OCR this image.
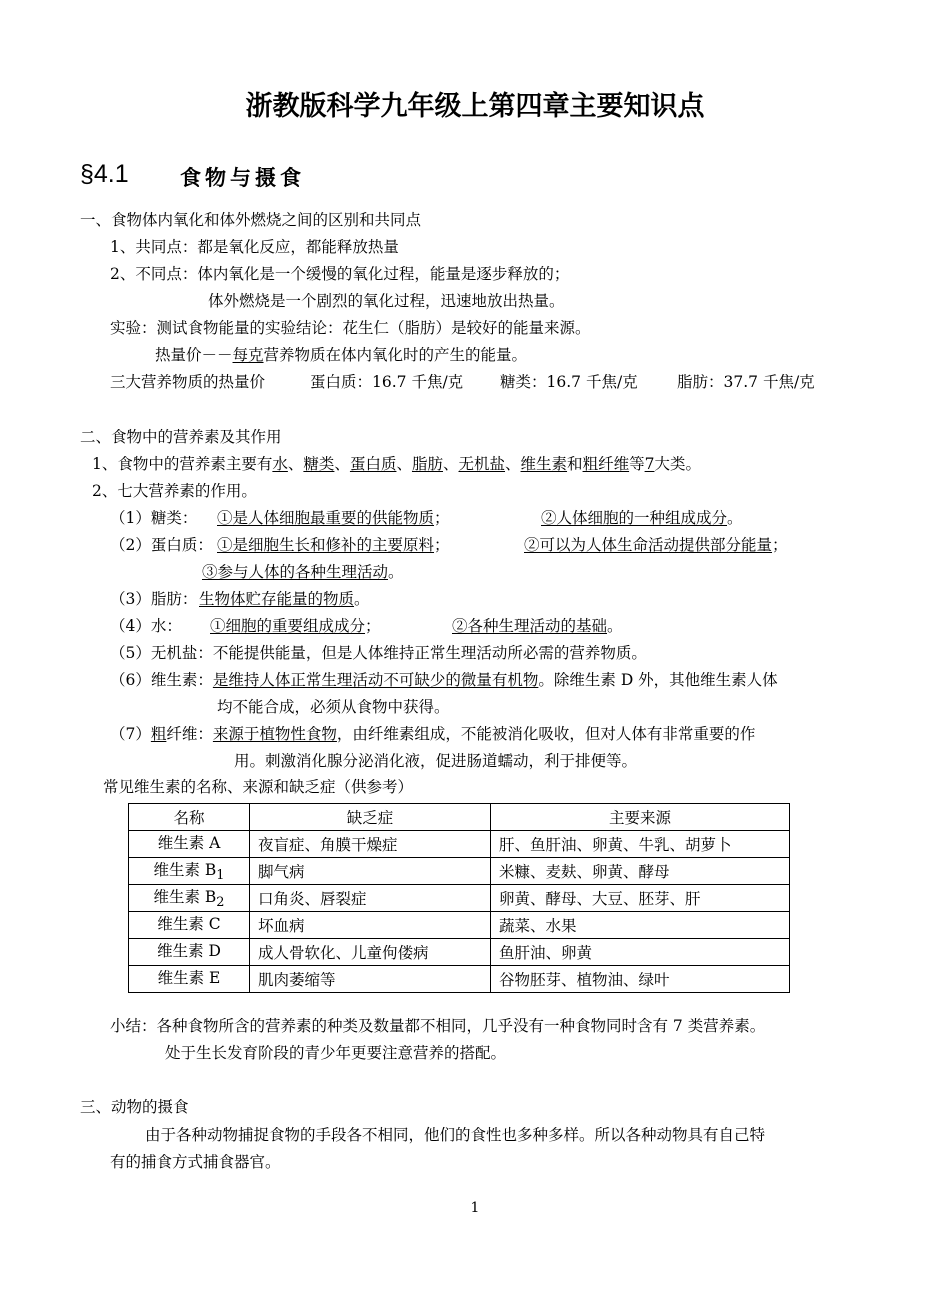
浙教版科学九年级上第四章主要知识点
§4.1 食物与摄食
一、食物体内氧化和体外燃烧之间的区别和共同点
1、共同点：都是氧化反应，都能释放热量
2、不同点：体内氧化是一个缓慢的氧化过程，能量是逐步释放的；
体外燃烧是一个剧烈的氧化过程，迅速地放出热量。
实验：测试食物能量的实验结论：花生仁（脂肪）是较好的能量来源。
热量价－－每克营养物质在体内氧化时的产生的能量。
三大营养物质的热量价	蛋白质：16.7 千焦/克 糖类：16.7 千焦/克	脂肪：37.7 千焦/克
二、食物中的营养素及其作用
1、食物中的营养素主要有水、糖类、蛋白质、脂肪、无机盐、维生素和粗纤维等7大类。
2、七大营养素的作用。
（1）糖类： ①是人体细胞最重要的供能物质；	②人体细胞的一种组成成分。
（2）蛋白质： ①是细胞生长和修补的主要原料；	②可以为人体生命活动提供部分能量；
③参与人体的各种生理活动。
（3）脂肪： 生物体贮存能量的物质。
（4）水： ①细胞的重要组成成分；	②各种生理活动的基础。
（5）无机盐：不能提供能量，但是人体维持正常生理活动所必需的营养物质。
（6）维生素：是维持人体正常生理活动不可缺少的微量有机物。除维生素 D 外，其他维生素人体
均不能合成，必须从食物中获得。
（7）粗纤维：来源于植物性食物，由纤维素组成，不能被消化吸收，但对人体有非常重要的作
用。刺激消化腺分泌消化液，促进肠道蠕动，利于排便等。
常见维生素的名称、来源和缺乏症（供参考）
名称	缺乏症	主要来源
维生素 A	夜盲症、角膜干燥症	肝、鱼肝油、卵黄、牛乳、胡萝卜
维生素 $B_1$	脚气病	米糠、麦麸、卵黄、酵母
维生素 $B_2$	口角炎、唇裂症	卵黄、酵母、大豆、胚芽、肝
维生素 C	坏血病	蔬菜、水果
维生素 D	成人骨软化、儿童佝偻病	鱼肝油、卵黄
维生素 E	肌肉萎缩等	谷物胚芽、植物油、绿叶
小结：各种食物所含的营养素的种类及数量都不相同，几乎没有一种食物同时含有 7 类营养素。
处于生长发育阶段的青少年更要注意营养的搭配。
三、动物的摄食
由于各种动物捕捉食物的手段各不相同，他们的食性也多种多样。所以各种动物具有自己特
有的捕食方式捕食器官。
1
